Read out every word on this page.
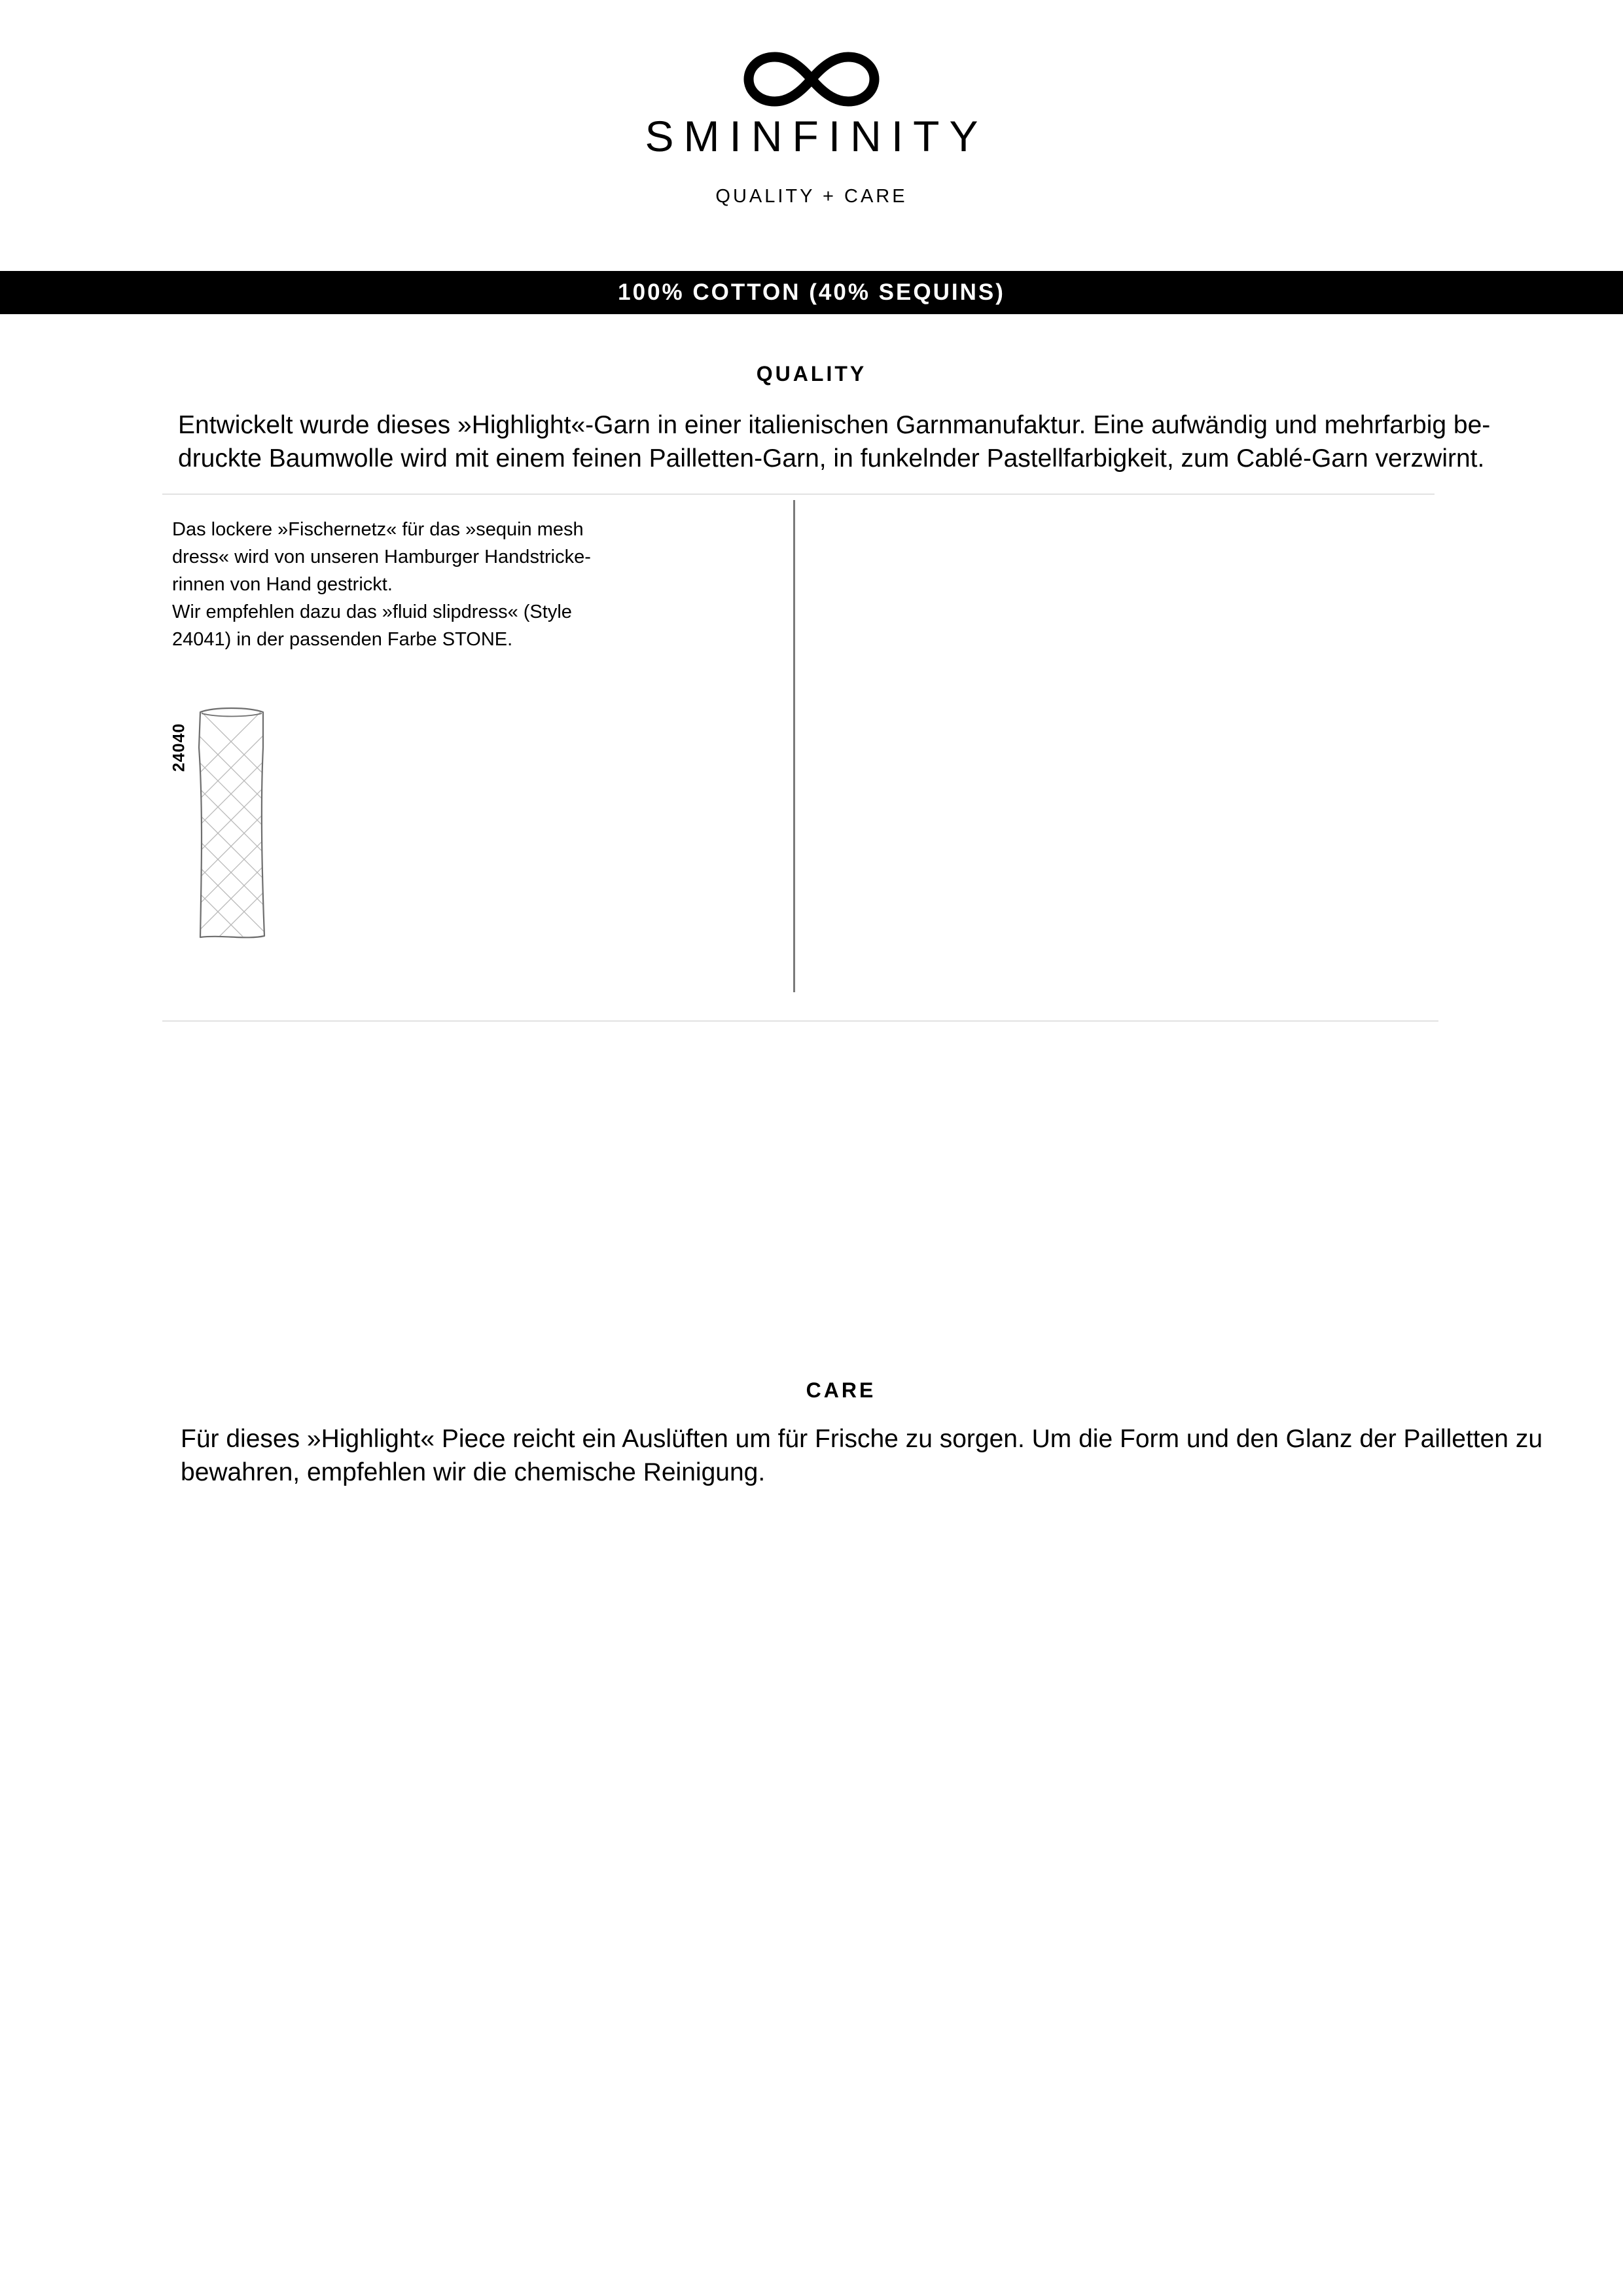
SMINFINITY
QUALITY + CARE
100% COTTON (40% SEQUINS)
QUALITY
Entwickelt wurde dieses »Highlight«-Garn in einer italienischen Garnmanufaktur. Eine aufwändig und mehrfarbig be-
druckte Baumwolle wird mit einem feinen Pailletten-Garn, in funkelnder Pastellfarbigkeit, zum Cablé-Garn verzwirnt.
Das lockere »Fischernetz« für das »sequin mesh
dress« wird von unseren Hamburger Handstricke-
rinnen von Hand gestrickt.
Wir empfehlen dazu das »fluid slipdress« (Style
24041) in der passenden Farbe STONE.
24040
CARE
Für dieses »Highlight« Piece reicht ein Auslüften um für Frische zu sorgen. Um die Form und den Glanz der Pailletten zu
bewahren, empfehlen wir die chemische Reinigung.
